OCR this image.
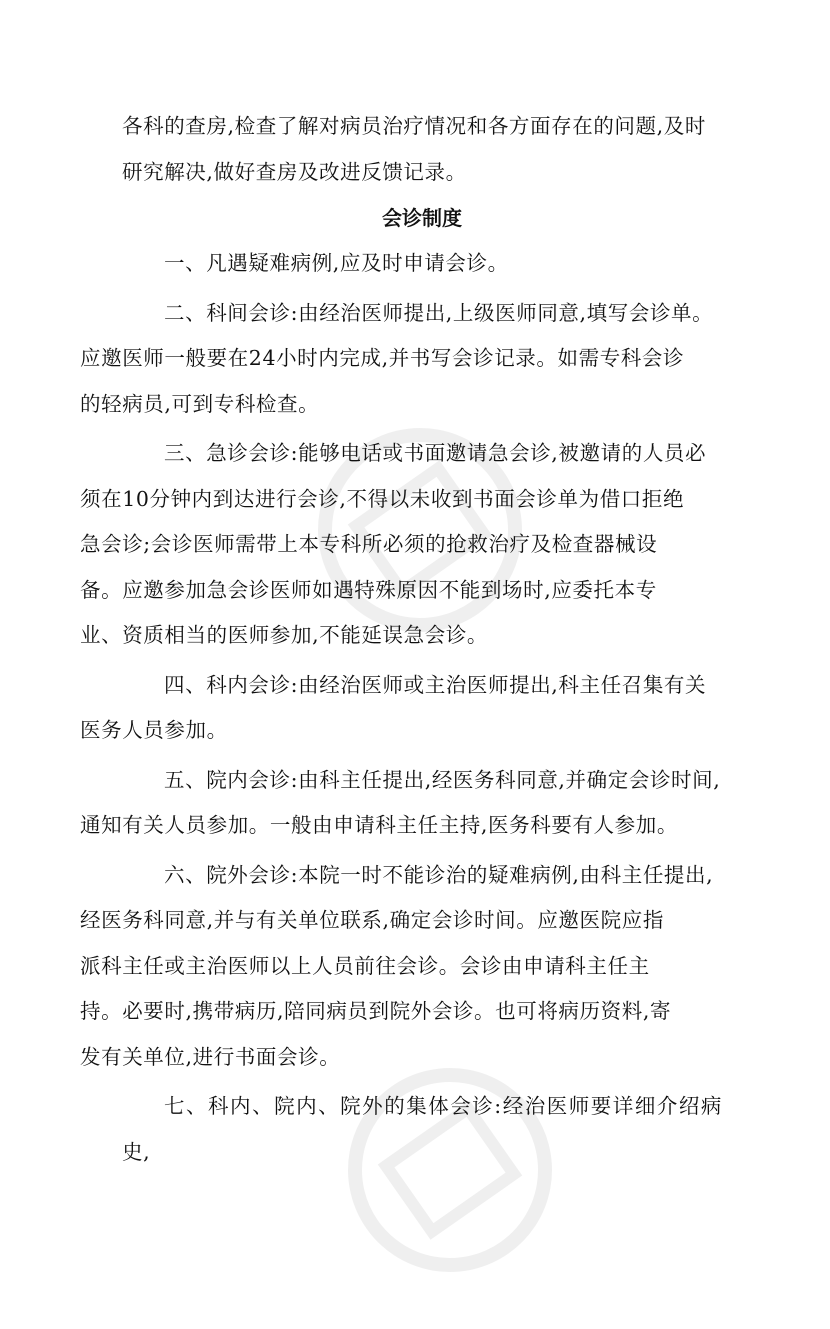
各科的查房,检查了解对病员治疗情况和各方面存在的问题,及时
研究解决,做好查房及改进反馈记录。

会诊制度

一、凡遇疑难病例,应及时申请会诊。

二、科间会诊:由经治医师提出,上级医师同意,填写会诊单。
应邀医师一般要在24小时内完成,并书写会诊记录。如需专科会诊
的轻病员,可到专科检查。

三、急诊会诊:能够电话或书面邀请急会诊,被邀请的人员必
须在10分钟内到达进行会诊,不得以未收到书面会诊单为借口拒绝
急会诊;会诊医师需带上本专科所必须的抢救治疗及检查器械设
备。应邀参加急会诊医师如遇特殊原因不能到场时,应委托本专
业、资质相当的医师参加,不能延误急会诊。

四、科内会诊:由经治医师或主治医师提出,科主任召集有关
医务人员参加。

五、院内会诊:由科主任提出,经医务科同意,并确定会诊时间,
通知有关人员参加。一般由申请科主任主持,医务科要有人参加。

六、院外会诊:本院一时不能诊治的疑难病例,由科主任提出,
经医务科同意,并与有关单位联系,确定会诊时间。应邀医院应指
派科主任或主治医师以上人员前往会诊。会诊由申请科主任主
持。必要时,携带病历,陪同病员到院外会诊。也可将病历资料,寄
发有关单位,进行书面会诊。

七、科内、院内、院外的集体会诊:经治医师要详细介绍病史,
